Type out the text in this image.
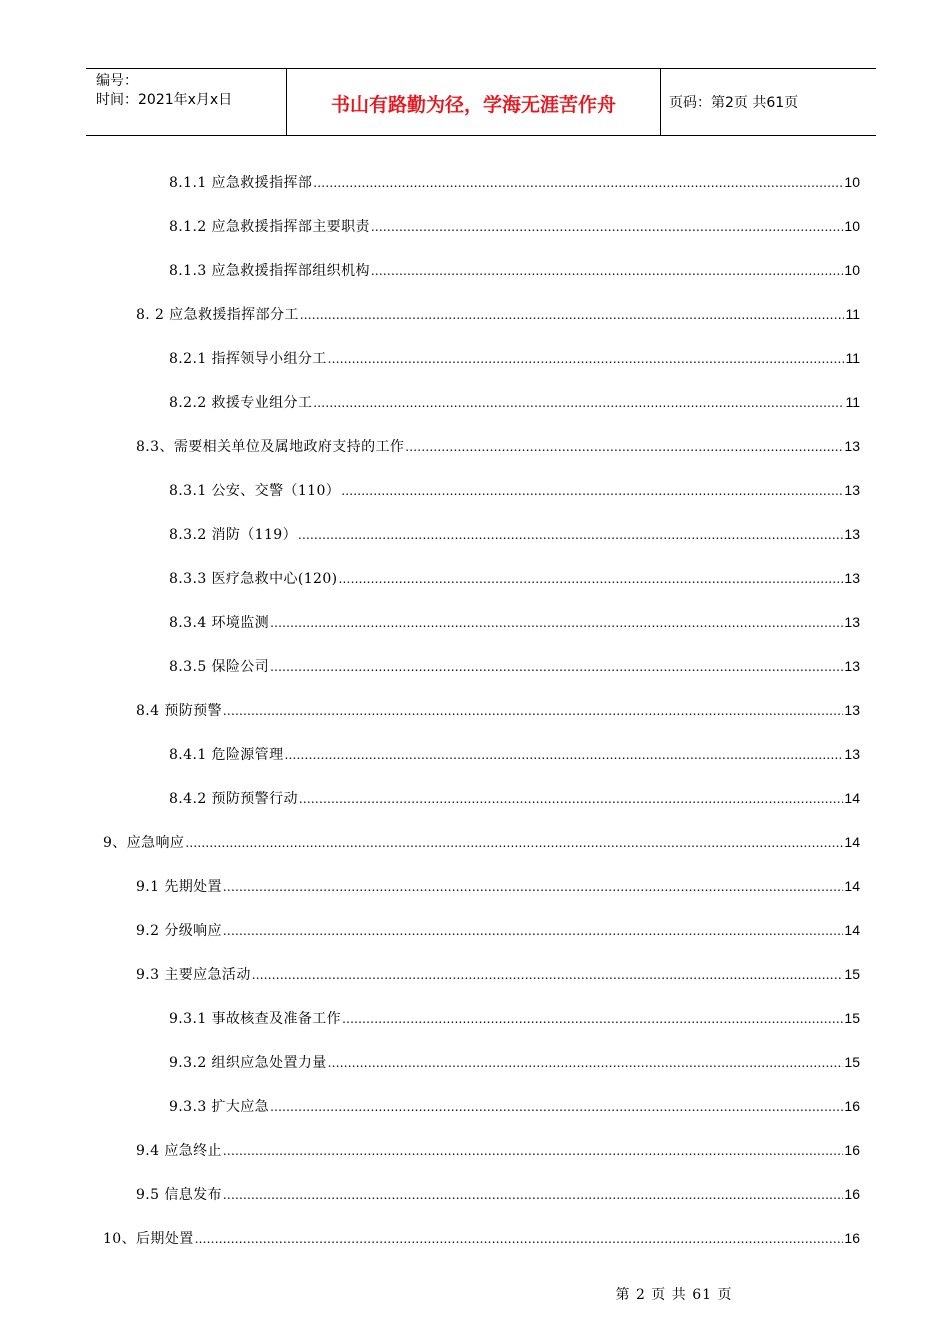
编号：
时间：2021年x月x日	书山有路勤为径，学海无涯苦作舟	页码：第2页 共61页
8.1.1 应急救援指挥部 .....	10
8.1.2 应急救援指挥部主要职责 .....	10
8.1.3 应急救援指挥部组织机构 .....	10
8. 2 应急救援指挥部分工 .....	11
8.2.1 指挥领导小组分工 .....	11
8.2.2 救援专业组分工 .....	11
8.3、需要相关单位及属地政府支持的工作 .....	13
8.3.1 公安、交警（110） .....	13
8.3.2 消防（119） .....	13
8.3.3 医疗急救中心(120) .....	13
8.3.4 环境监测 .....	13
8.3.5 保险公司 .....	13
8.4 预防预警 .....	13
8.4.1 危险源管理 .....	13
8.4.2 预防预警行动 .....	14
9、应急响应 .....	14
9.1 先期处置 .....	14
9.2 分级响应 .....	14
9.3 主要应急活动 .....	15
9.3.1 事故核查及准备工作 .....	15
9.3.2 组织应急处置力量 .....	15
9.3.3 扩大应急 .....	16
9.4 应急终止 .....	16
9.5 信息发布 .....	16
10、后期处置 .....	16
第 2 页 共 61 页
